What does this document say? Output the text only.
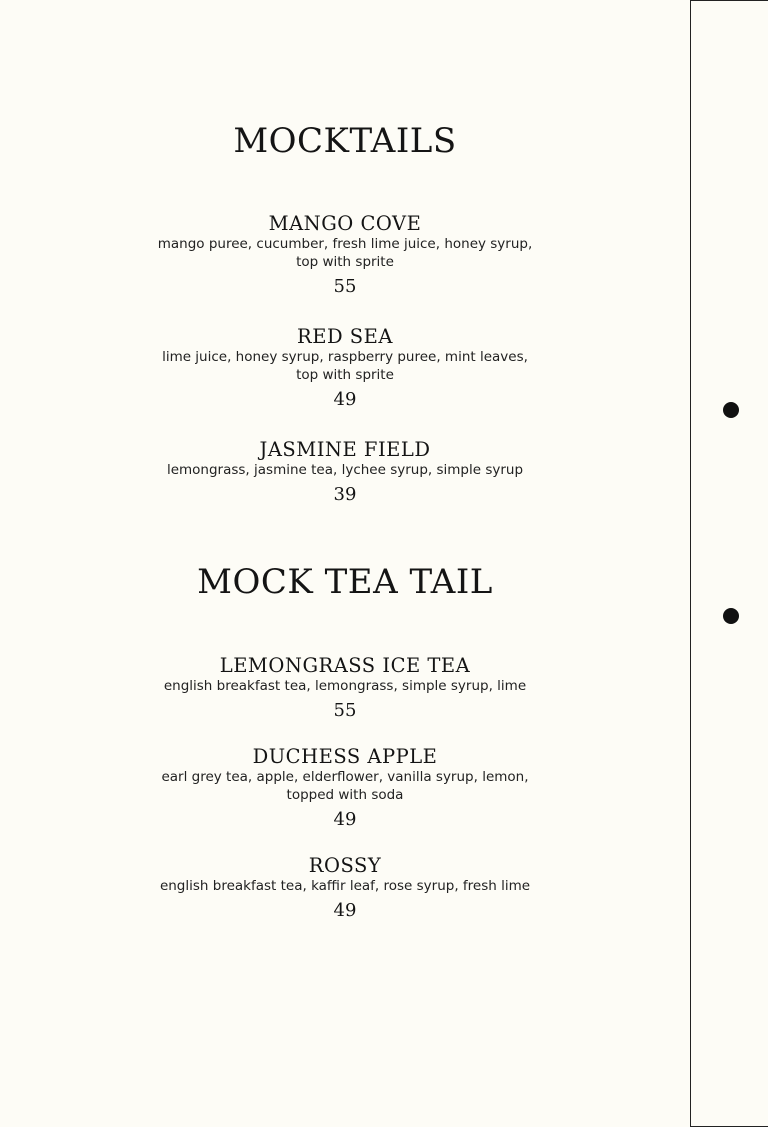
MOCKTAILS
MANGO COVE
mango puree, cucumber, fresh lime juice, honey syrup,
top with sprite
55
RED SEA
lime juice, honey syrup, raspberry puree, mint leaves,
top with sprite
49
JASMINE FIELD
lemongrass, jasmine tea, lychee syrup, simple syrup
39
MOCK TEA TAIL
LEMONGRASS ICE TEA
english breakfast tea, lemongrass, simple syrup, lime
55
DUCHESS APPLE
earl grey tea, apple, elderflower, vanilla syrup, lemon,
topped with soda
49
ROSSY
english breakfast tea, kaffir leaf, rose syrup, fresh lime
49
